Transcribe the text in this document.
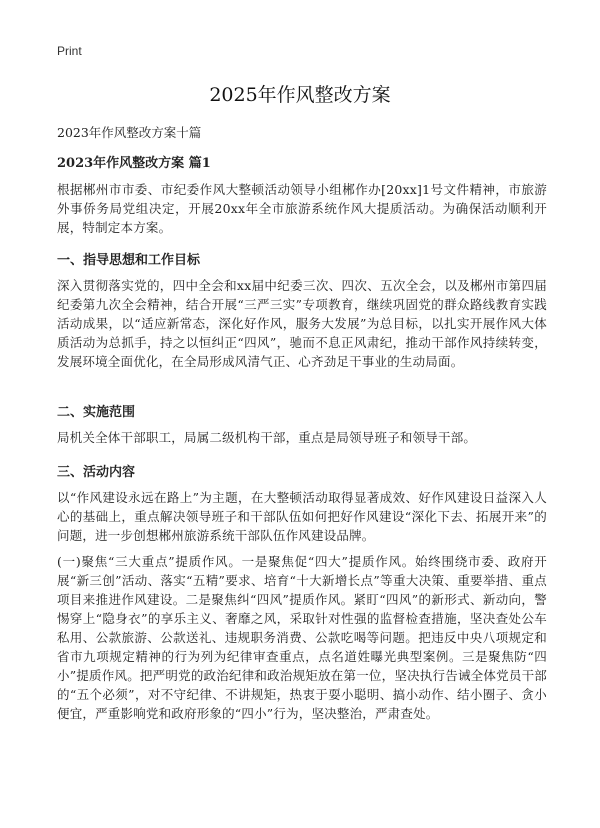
Print
2025年作风整改方案

2023年作风整改方案十篇

2023年作风整改方案 篇1

根据郴州市市委、市纪委作风大整顿活动领导小组郴作办[20xx]1号文件精神，市旅游外事侨务局党组决定，开展20xx年全市旅游系统作风大提质活动。为确保活动顺利开展，特制定本方案。

一、指导思想和工作目标

深入贯彻落实党的，四中全会和xx届中纪委三次、四次、五次全会，以及郴州市第四届纪委第九次全会精神，结合开展“三严三实”专项教育，继续巩固党的群众路线教育实践活动成果，以“适应新常态，深化好作风，服务大发展”为总目标，以扎实开展作风大体质活动为总抓手，持之以恒纠正“四风”，驰而不息正风肃纪，推动干部作风持续转变，发展环境全面优化，在全局形成风清气正、心齐劲足干事业的生动局面。

二、实施范围

局机关全体干部职工，局属二级机构干部，重点是局领导班子和领导干部。

三、活动内容

以“作风建设永远在路上”为主题，在大整顿活动取得显著成效、好作风建设日益深入人心的基础上，重点解决领导班子和干部队伍如何把好作风建设“深化下去、拓展开来”的问题，进一步创想郴州旅游系统干部队伍作风建设品牌。

(一)聚焦“三大重点”提质作风。一是聚焦促“四大”提质作风。始终围绕市委、政府开展“新三创”活动、落实“五精”要求、培育“十大新增长点”等重大决策、重要举措、重点项目来推进作风建设。二是聚焦纠“四风”提质作风。紧盯“四风”的新形式、新动向，警惕穿上“隐身衣”的享乐主义、奢靡之风，采取针对性强的监督检查措施，坚决查处公车私用、公款旅游、公款送礼、违规职务消费、公款吃喝等问题。把违反中央八项规定和省市九项规定精神的行为列为纪律审查重点，点名道姓曝光典型案例。三是聚焦防“四小”提质作风。把严明党的政治纪律和政治规矩放在第一位，坚决执行告诫全体党员干部的“五个必须”，对不守纪律、不讲规矩，热衷于耍小聪明、搞小动作、结小圈子、贪小便宜，严重影响党和政府形象的“四小”行为，坚决整治，严肃查处。
